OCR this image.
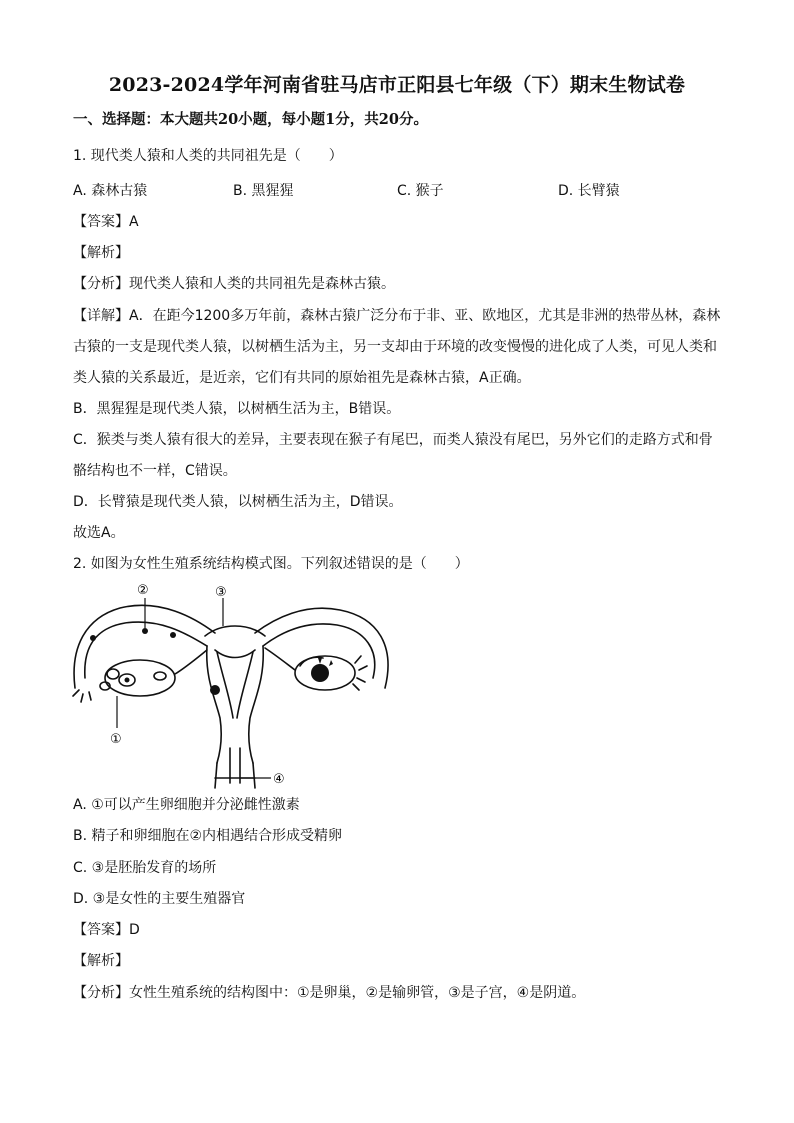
2023-2024学年河南省驻马店市正阳县七年级（下）期末生物试卷
一、选择题：本大题共20小题，每小题1分，共20分。
1. 现代类人猿和人类的共同祖先是（　　）
A. 森林古猿	B. 黑猩猩	C. 猴子	D. 长臂猿
【答案】A
【解析】
【分析】现代类人猿和人类的共同祖先是森林古猿。
【详解】A．在距今1200多万年前，森林古猿广泛分布于非、亚、欧地区，尤其是非洲的热带丛林，森林
古猿的一支是现代类人猿，以树栖生活为主，另一支却由于环境的改变慢慢的进化成了人类，可见人类和
类人猿的关系最近，是近亲，它们有共同的原始祖先是森林古猿，A正确。
B．黑猩猩是现代类人猿，以树栖生活为主，B错误。
C．猴类与类人猿有很大的差异，主要表现在猴子有尾巴，而类人猿没有尾巴，另外它们的走路方式和骨
骼结构也不一样，C错误。
D．长臂猿是现代类人猿，以树栖生活为主，D错误。
故选A。
2. 如图为女性生殖系统结构模式图。下列叙述错误的是（　　）
②	③
①
④
A. ①可以产生卵细胞并分泌雌性激素
B. 精子和卵细胞在②内相遇结合形成受精卵
C. ③是胚胎发育的场所
D. ③是女性的主要生殖器官
【答案】D
【解析】
【分析】女性生殖系统的结构图中：①是卵巢，②是输卵管，③是子宫，④是阴道。
